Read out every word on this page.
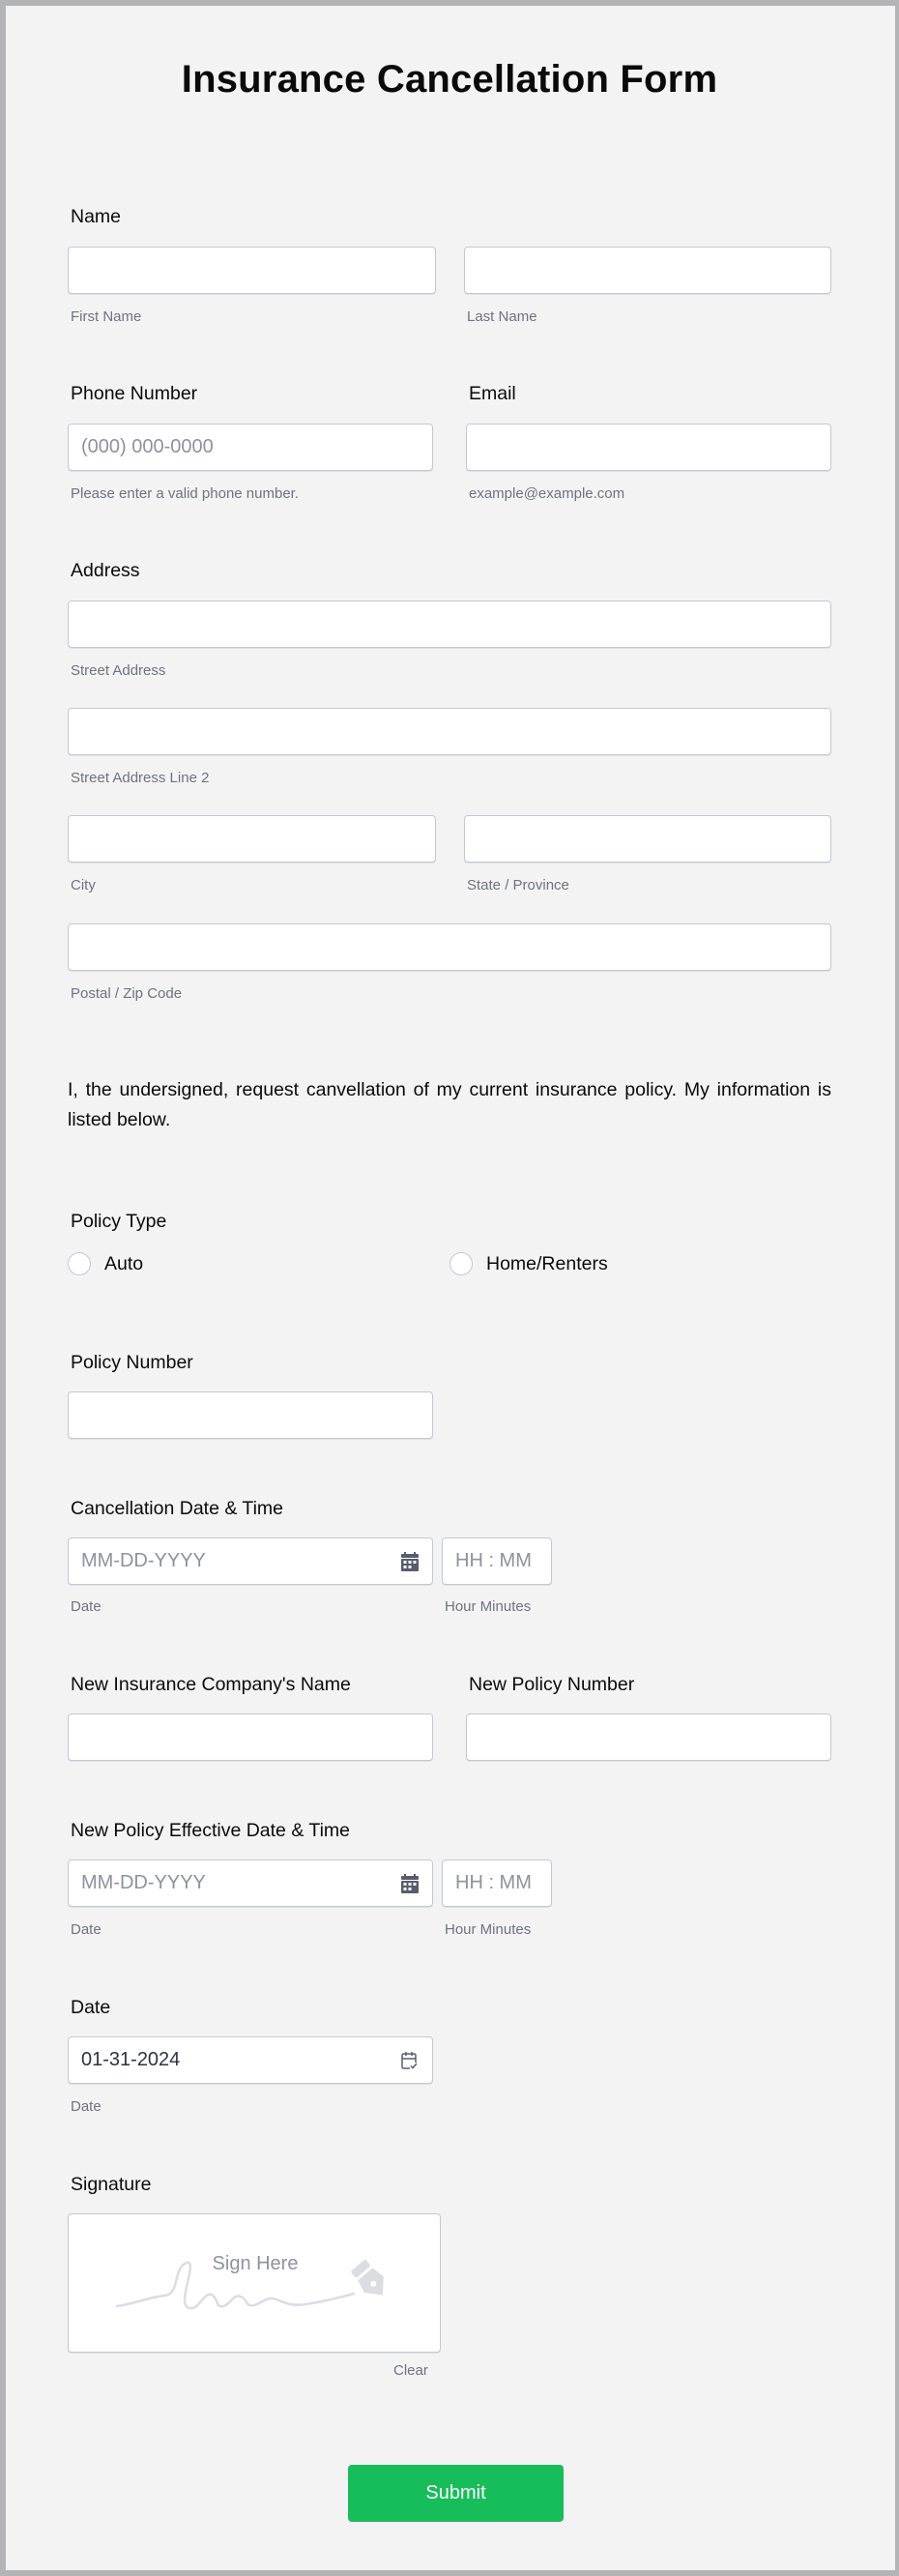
Insurance Cancellation Form
Name
First Name	Last Name
Phone Number	Email
(000) 000-0000
Please enter a valid phone number.	example@example.com
Address
Street Address
Street Address Line 2
City	State / Province
Postal / Zip Code

I, the undersigned, request canvellation of my current insurance policy. My information is listed below.

Policy Type
Auto	Home/Renters
Policy Number
Cancellation Date & Time
MM-DD-YYYY	HH : MM
Date	Hour Minutes
New Insurance Company's Name	New Policy Number
New Policy Effective Date & Time
MM-DD-YYYY	HH : MM
Date	Hour Minutes
Date
01-31-2024
Date
Signature
Sign Here
Clear
Submit
